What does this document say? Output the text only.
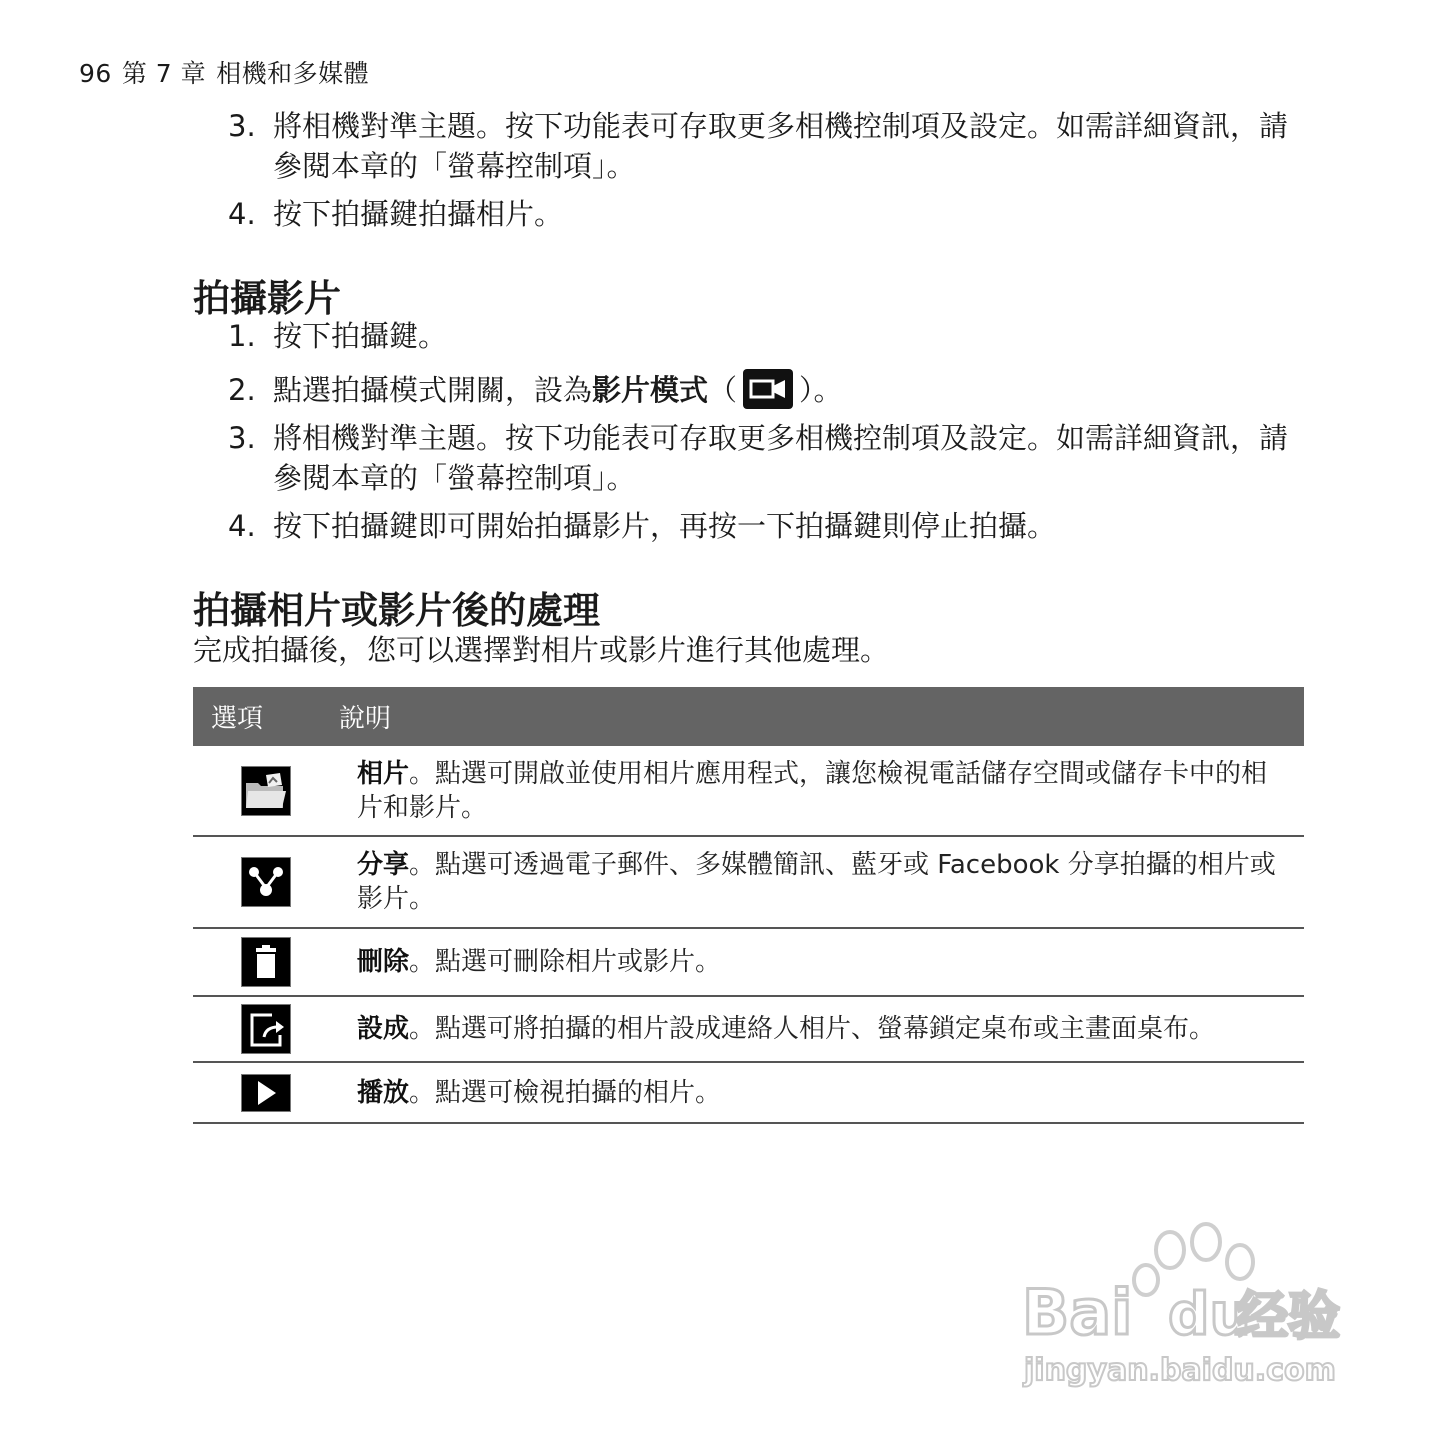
96 第 7 章 相機和多媒體
3. 將相機對準主題。按下功能表可存取更多相機控制項及設定。如需詳細資訊，請參閱本章的「螢幕控制項」。
4. 按下拍攝鍵拍攝相片。
拍攝影片
1. 按下拍攝鍵。
2. 點選拍攝模式開關，設為影片模式（ ）。
3. 將相機對準主題。按下功能表可存取更多相機控制項及設定。如需詳細資訊，請參閱本章的「螢幕控制項」。
4. 按下拍攝鍵即可開始拍攝影片，再按一下拍攝鍵則停止拍攝。
拍攝相片或影片後的處理
完成拍攝後，您可以選擇對相片或影片進行其他處理。
選項	說明

	相片。點選可開啟並使用相片應用程式，讓您檢視電話儲存空間或儲存卡中的相片和影片。

	分享。點選可透過電子郵件、多媒體簡訊、藍牙或 Facebook 分享拍攝的相片或影片。

	刪除。點選可刪除相片或影片。

	設成。點選可將拍攝的相片設成連絡人相片、螢幕鎖定桌布或主畫面桌布。

	播放。點選可檢視拍攝的相片。
Bai du
经验
jingyan.baidu.com
